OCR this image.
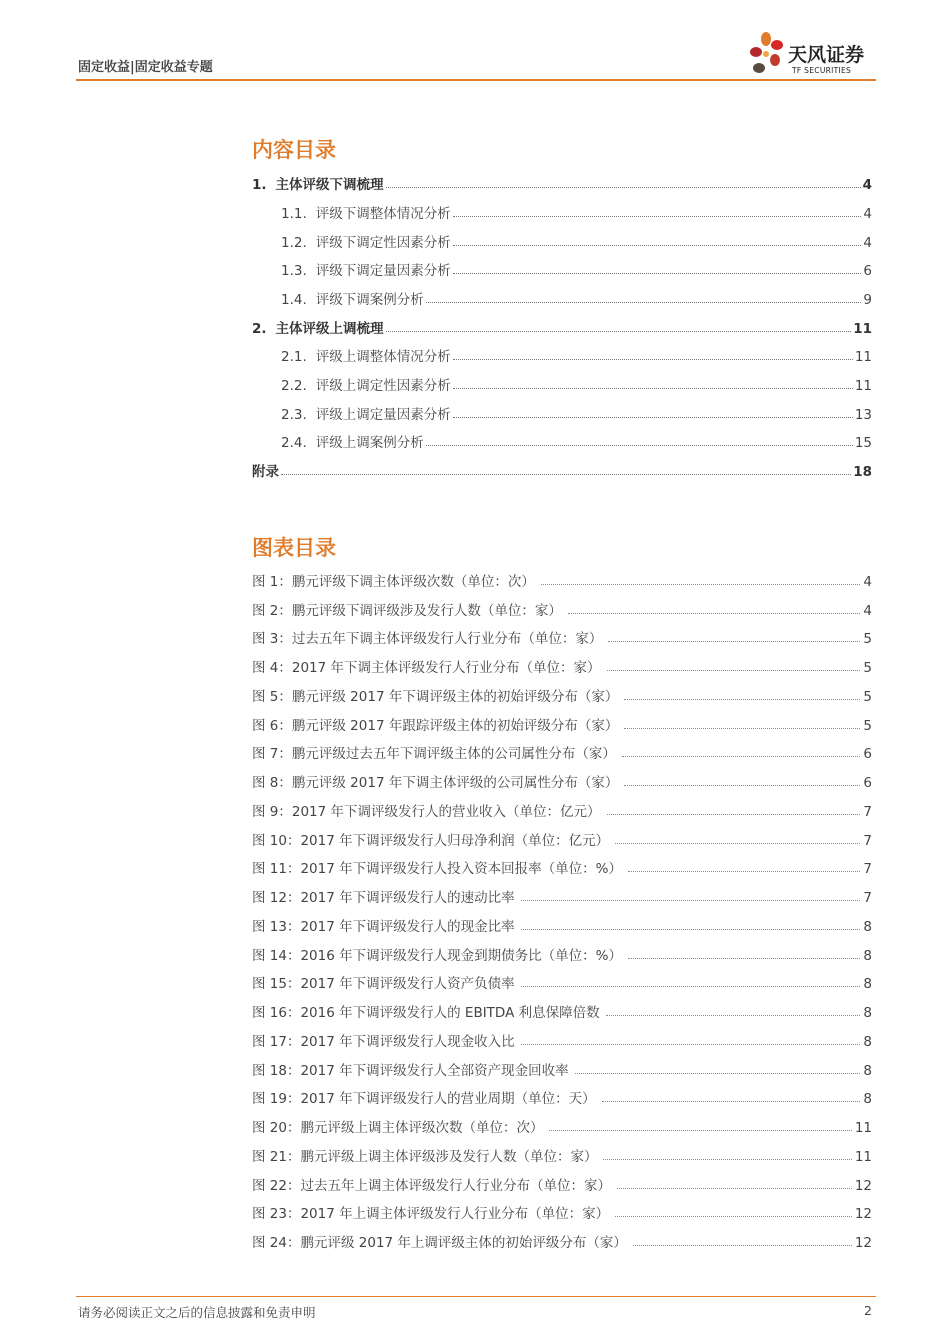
固定收益|固定收益专题
天风证券
TF SECURITIES
内容目录
1. 主体评级下调梳理	4
1.1. 评级下调整体情况分析	4
1.2. 评级下调定性因素分析	4
1.3. 评级下调定量因素分析	6
1.4. 评级下调案例分析	9
2. 主体评级上调梳理	11
2.1. 评级上调整体情况分析	11
2.2. 评级上调定性因素分析	11
2.3. 评级上调定量因素分析	13
2.4. 评级上调案例分析	15
附录	18
图表目录
图 1：鹏元评级下调主体评级次数（单位：次）	4
图 2：鹏元评级下调评级涉及发行人数（单位：家）	4
图 3：过去五年下调主体评级发行人行业分布（单位：家）	5
图 4：2017 年下调主体评级发行人行业分布（单位：家）	5
图 5：鹏元评级 2017 年下调评级主体的初始评级分布（家）	5
图 6：鹏元评级 2017 年跟踪评级主体的初始评级分布（家）	5
图 7：鹏元评级过去五年下调评级主体的公司属性分布（家）	6
图 8：鹏元评级 2017 年下调主体评级的公司属性分布（家）	6
图 9：2017 年下调评级发行人的营业收入（单位：亿元）	7
图 10：2017 年下调评级发行人归母净利润（单位：亿元）	7
图 11：2017 年下调评级发行人投入资本回报率（单位：%）	7
图 12：2017 年下调评级发行人的速动比率	7
图 13：2017 年下调评级发行人的现金比率	8
图 14：2016 年下调评级发行人现金到期债务比（单位：%）	8
图 15：2017 年下调评级发行人资产负债率	8
图 16：2016 年下调评级发行人的 EBITDA 利息保障倍数	8
图 17：2017 年下调评级发行人现金收入比	8
图 18：2017 年下调评级发行人全部资产现金回收率	8
图 19：2017 年下调评级发行人的营业周期（单位：天）	8
图 20：鹏元评级上调主体评级次数（单位：次）	11
图 21：鹏元评级上调主体评级涉及发行人数（单位：家）	11
图 22：过去五年上调主体评级发行人行业分布（单位：家）	12
图 23：2017 年上调主体评级发行人行业分布（单位：家）	12
图 24：鹏元评级 2017 年上调评级主体的初始评级分布（家）	12
请务必阅读正文之后的信息披露和免责申明	2
